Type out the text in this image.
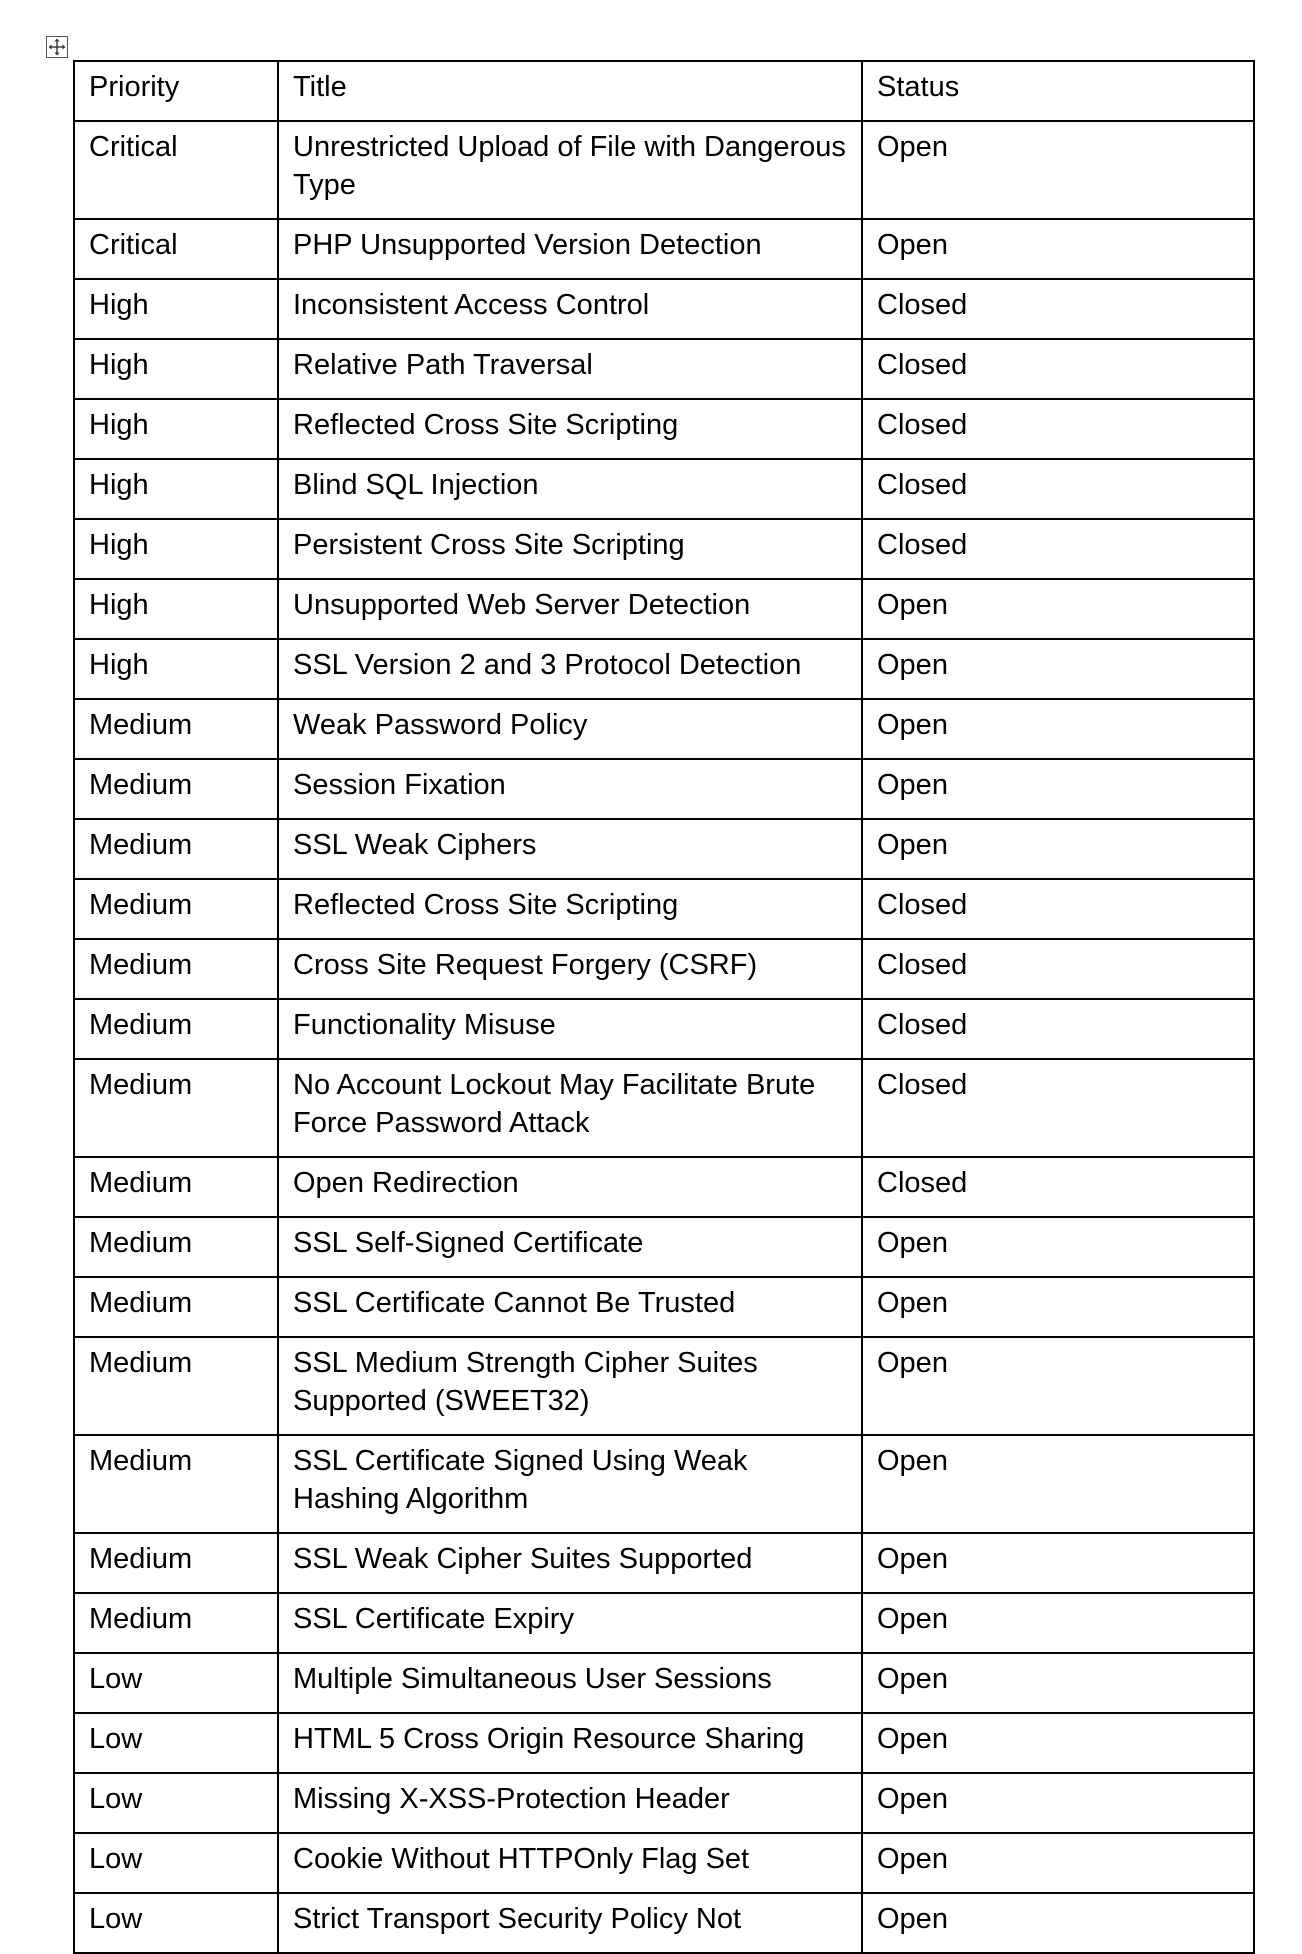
Priority	Title	Status
Critical	Unrestricted Upload of File with Dangerous Type	Open
Critical	PHP Unsupported Version Detection	Open
High	Inconsistent Access Control	Closed
High	Relative Path Traversal	Closed
High	Reflected Cross Site Scripting	Closed
High	Blind SQL Injection	Closed
High	Persistent Cross Site Scripting	Closed
High	Unsupported Web Server Detection	Open
High	SSL Version 2 and 3 Protocol Detection	Open
Medium	Weak Password Policy	Open
Medium	Session Fixation	Open
Medium	SSL Weak Ciphers	Open
Medium	Reflected Cross Site Scripting	Closed
Medium	Cross Site Request Forgery (CSRF)	Closed
Medium	Functionality Misuse	Closed
Medium	No Account Lockout May Facilitate Brute Force Password Attack	Closed
Medium	Open Redirection	Closed
Medium	SSL Self-Signed Certificate	Open
Medium	SSL Certificate Cannot Be Trusted	Open
Medium	SSL Medium Strength Cipher Suites Supported (SWEET32)	Open
Medium	SSL Certificate Signed Using Weak Hashing Algorithm	Open
Medium	SSL Weak Cipher Suites Supported	Open
Medium	SSL Certificate Expiry	Open
Low	Multiple Simultaneous User Sessions	Open
Low	HTML 5 Cross Origin Resource Sharing	Open
Low	Missing X-XSS-Protection Header	Open
Low	Cookie Without HTTPOnly Flag Set	Open
Low	Strict Transport Security Policy Not	Open
